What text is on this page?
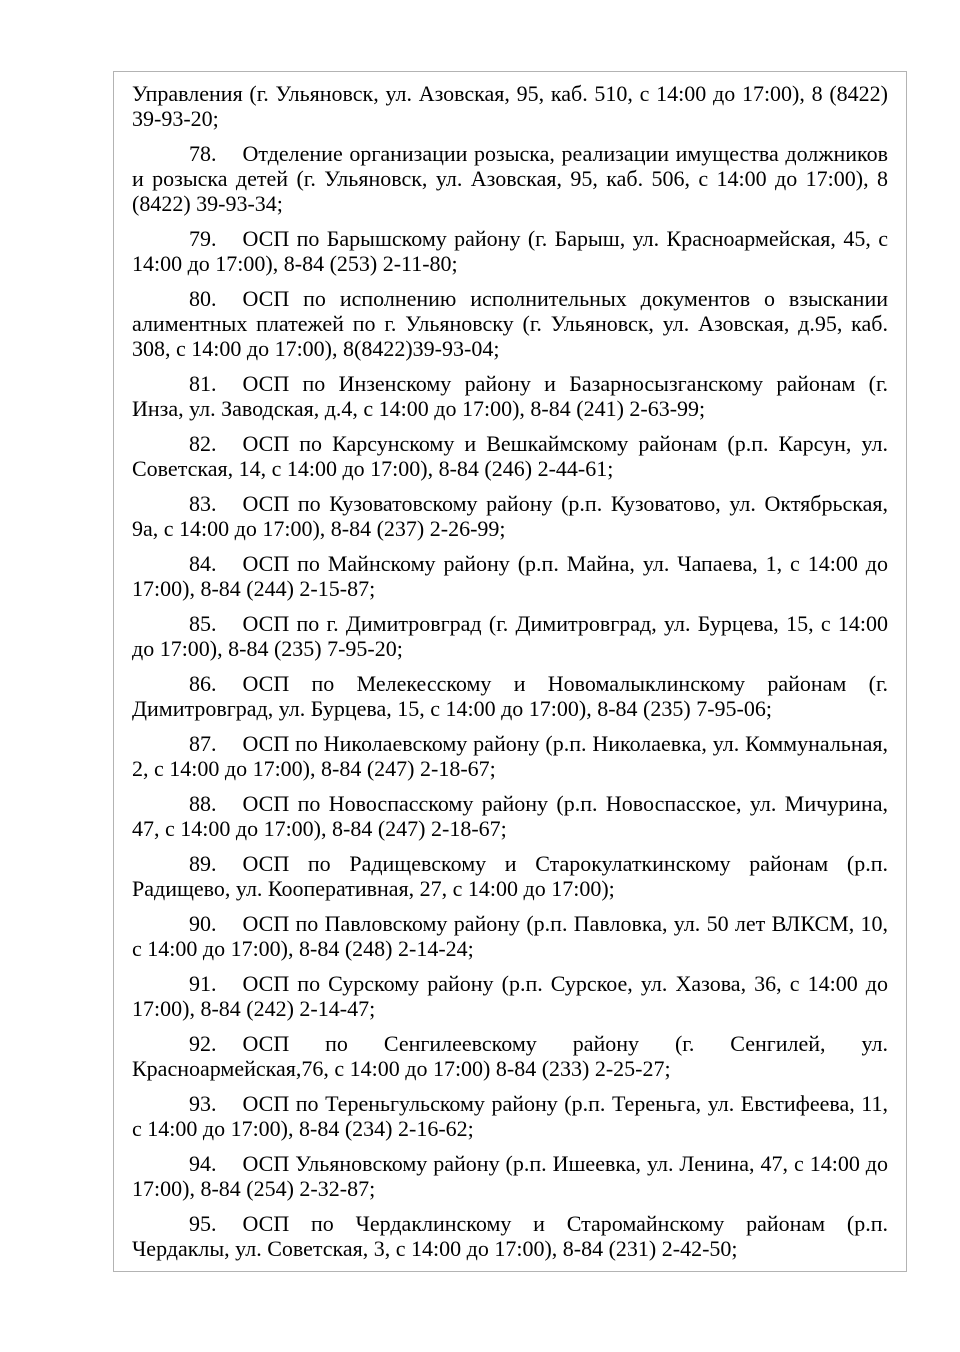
Управления (г. Ульяновск, ул. Азовская, 95, каб. 510, с 14:00 до 17:00), 8 (8422) 39-93-20;

78. Отделение организации розыска, реализации имущества должников и розыска детей (г. Ульяновск, ул. Азовская, 95, каб. 506, с 14:00 до 17:00), 8 (8422) 39-93-34;

79. ОСП по Барышскому району (г. Барыш, ул. Красноармейская, 45, с 14:00 до 17:00), 8-84 (253) 2-11-80;

80. ОСП по исполнению исполнительных документов о взыскании алиментных платежей по г. Ульяновску (г. Ульяновск, ул. Азовская, д.95, каб. 308, с 14:00 до 17:00), 8(8422)39-93-04;

81. ОСП по Инзенскому району и Базарносызганскому районам (г. Инза, ул. Заводская, д.4, с 14:00 до 17:00), 8-84 (241) 2-63-99;

82. ОСП по Карсунскому и Вешкаймскому районам (р.п. Карсун, ул. Советская, 14, с 14:00 до 17:00), 8-84 (246) 2-44-61;

83. ОСП по Кузоватовскому району (р.п. Кузоватово, ул. Октябрьская, 9а, с 14:00 до 17:00), 8-84 (237) 2-26-99;

84. ОСП по Майнскому району (р.п. Майна, ул. Чапаева, 1, с 14:00 до 17:00), 8-84 (244) 2-15-87;

85. ОСП по г. Димитровград (г. Димитровград, ул. Бурцева, 15, с 14:00 до 17:00), 8-84 (235) 7-95-20;

86. ОСП по Мелекесскому и Новомалыклинскому районам (г. Димитровград, ул. Бурцева, 15, с 14:00 до 17:00), 8-84 (235) 7-95-06;

87. ОСП по Николаевскому району (р.п. Николаевка, ул. Коммунальная, 2, с 14:00 до 17:00), 8-84 (247) 2-18-67;

88. ОСП по Новоспасскому району (р.п. Новоспасское, ул. Мичурина, 47, с 14:00 до 17:00), 8-84 (247) 2-18-67;

89. ОСП по Радищевскому и Старокулаткинскому районам (р.п. Радищево, ул. Кооперативная, 27, с 14:00 до 17:00);

90. ОСП по Павловскому району (р.п. Павловка, ул. 50 лет ВЛКСМ, 10, с 14:00 до 17:00), 8-84 (248) 2-14-24;

91. ОСП по Сурскому району (р.п. Сурское, ул. Хазова, 36, с 14:00 до 17:00), 8-84 (242) 2-14-47;

92. ОСП по Сенгилеевскому району (г. Сенгилей, ул. Красноармейская,76, с 14:00 до 17:00) 8-84 (233) 2-25-27;

93. ОСП по Тереньгульскому району (р.п. Тереньга, ул. Евстифеева, 11, с 14:00 до 17:00), 8-84 (234) 2-16-62;

94. ОСП Ульяновскому району (р.п. Ишеевка, ул. Ленина, 47, с 14:00 до 17:00), 8-84 (254) 2-32-87;

95. ОСП по Чердаклинскому и Старомайнскому районам (р.п. Чердаклы, ул. Советская, 3, с 14:00 до 17:00), 8-84 (231) 2-42-50;
